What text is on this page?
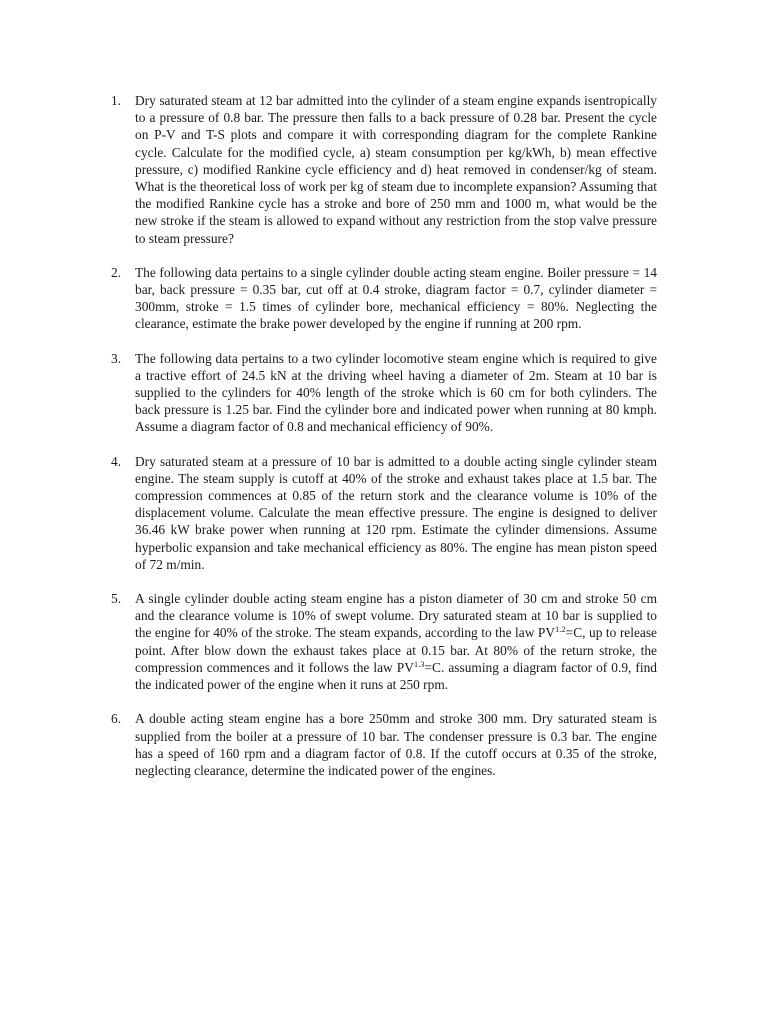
1. Dry saturated steam at 12 bar admitted into the cylinder of a steam engine expands isentropically to a pressure of 0.8 bar. The pressure then falls to a back pressure of 0.28 bar. Present the cycle on P-V and T-S plots and compare it with corresponding diagram for the complete Rankine cycle. Calculate for the modified cycle, a) steam consumption per kg/kWh, b) mean effective pressure, c) modified Rankine cycle efficiency and d) heat removed in condenser/kg of steam. What is the theoretical loss of work per kg of steam due to incomplete expansion? Assuming that the modified Rankine cycle has a stroke and bore of 250 mm and 1000 m, what would be the new stroke if the steam is allowed to expand without any restriction from the stop valve pressure to steam pressure?

2. The following data pertains to a single cylinder double acting steam engine. Boiler pressure = 14 bar, back pressure = 0.35 bar, cut off at 0.4 stroke, diagram factor = 0.7, cylinder diameter = 300mm, stroke = 1.5 times of cylinder bore, mechanical efficiency = 80%. Neglecting the clearance, estimate the brake power developed by the engine if running at 200 rpm.

3. The following data pertains to a two cylinder locomotive steam engine which is required to give a tractive effort of 24.5 kN at the driving wheel having a diameter of 2m. Steam at 10 bar is supplied to the cylinders for 40% length of the stroke which is 60 cm for both cylinders. The back pressure is 1.25 bar. Find the cylinder bore and indicated power when running at 80 kmph. Assume a diagram factor of 0.8 and mechanical efficiency of 90%.

4. Dry saturated steam at a pressure of 10 bar is admitted to a double acting single cylinder steam engine. The steam supply is cutoff at 40% of the stroke and exhaust takes place at 1.5 bar. The compression commences at 0.85 of the return stork and the clearance volume is 10% of the displacement volume. Calculate the mean effective pressure. The engine is designed to deliver 36.46 kW brake power when running at 120 rpm. Estimate the cylinder dimensions. Assume hyperbolic expansion and take mechanical efficiency as 80%. The engine has mean piston speed of 72 m/min.

5. A single cylinder double acting steam engine has a piston diameter of 30 cm and stroke 50 cm and the clearance volume is 10% of swept volume. Dry saturated steam at 10 bar is supplied to the engine for 40% of the stroke. The steam expands, according to the law $PV^{1.2}=C$, up to release point. After blow down the exhaust takes place at 0.15 bar. At 80% of the return stroke, the compression commences and it follows the law $PV^{1.3}=C$. assuming a diagram factor of 0.9, find the indicated power of the engine when it runs at 250 rpm.

6. A double acting steam engine has a bore 250mm and stroke 300 mm. Dry saturated steam is supplied from the boiler at a pressure of 10 bar. The condenser pressure is 0.3 bar. The engine has a speed of 160 rpm and a diagram factor of 0.8. If the cutoff occurs at 0.35 of the stroke, neglecting clearance, determine the indicated power of the engines.
